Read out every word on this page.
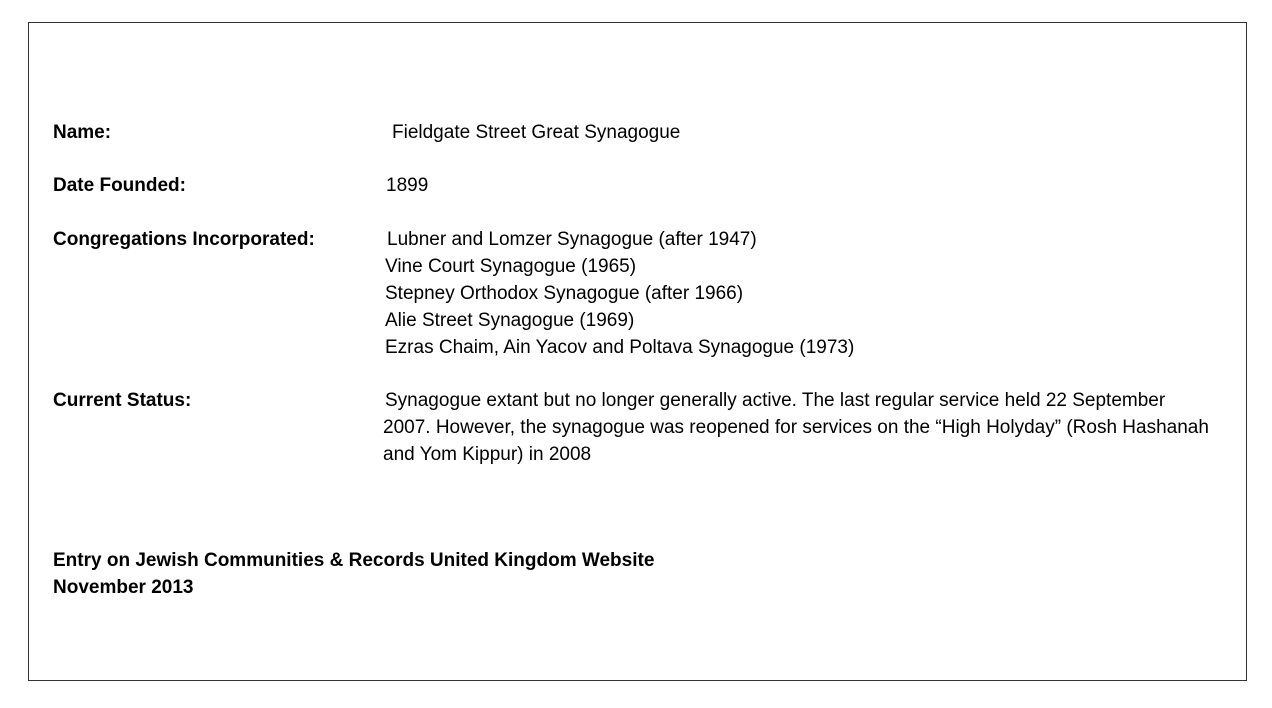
Name:	Fieldgate Street Great Synagogue
Date Founded:	1899
Congregations Incorporated:	Lubner and Lomzer Synagogue (after 1947)
Vine Court Synagogue (1965)
Stepney Orthodox Synagogue (after 1966)
Alie Street Synagogue (1969)
Ezras Chaim, Ain Yacov and Poltava Synagogue (1973)
Current Status:	Synagogue extant but no longer generally active. The last regular service held 22 September 2007. However, the synagogue was reopened for services on the “High Holyday” (Rosh Hashanah and Yom Kippur) in 2008
Entry on Jewish Communities & Records United Kingdom Website
November 2013
